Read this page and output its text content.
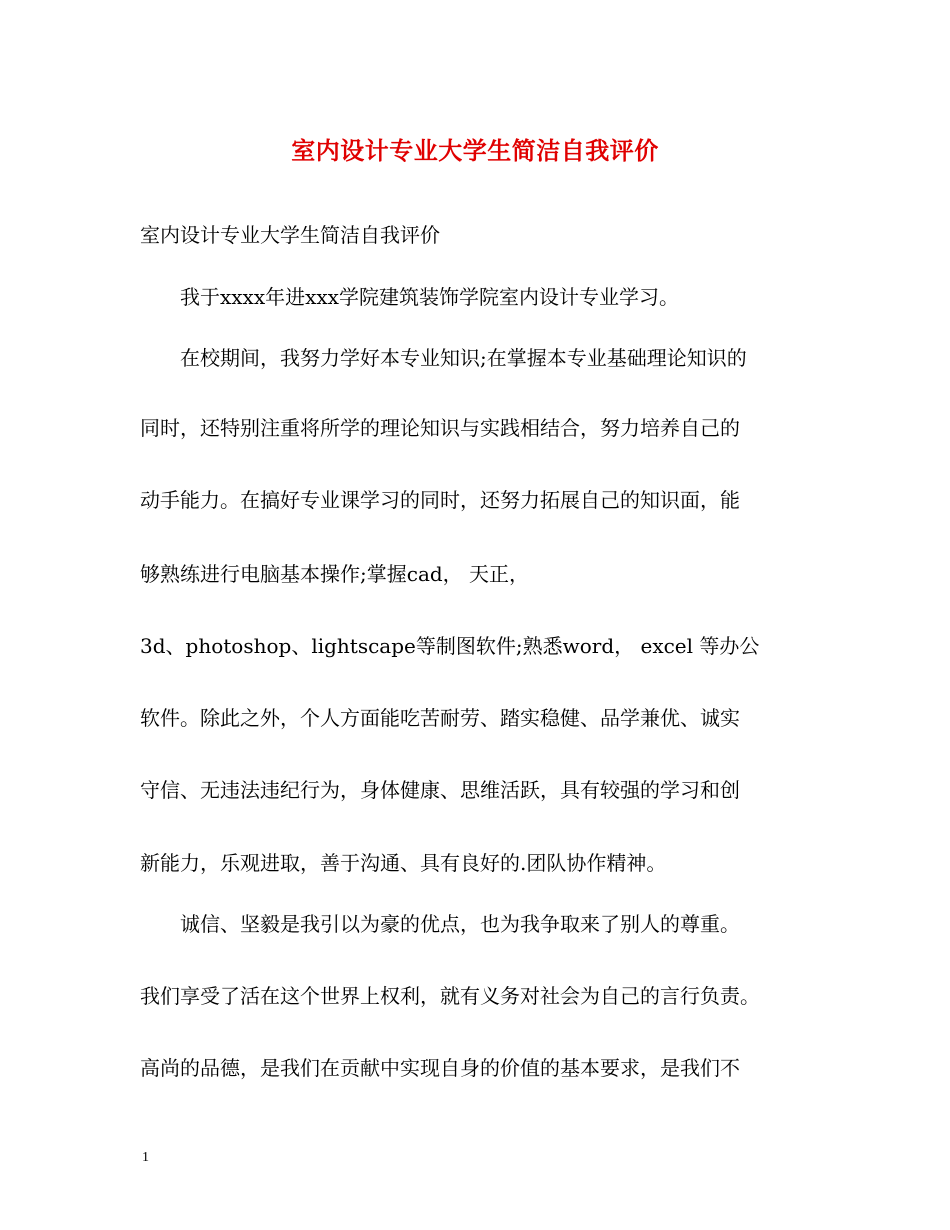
室内设计专业大学生简洁自我评价
室内设计专业大学生简洁自我评价
　　我于xxxx年进xxx学院建筑装饰学院室内设计专业学习。
　　在校期间，我努力学好本专业知识;在掌握本专业基础理论知识的
同时，还特别注重将所学的理论知识与实践相结合，努力培养自己的
动手能力。在搞好专业课学习的同时，还努力拓展自己的知识面，能
够熟练进行电脑基本操作;掌握cad， 天正，
3d、photoshop、lightscape等制图软件;熟悉word， excel 等办公
软件。除此之外，个人方面能吃苦耐劳、踏实稳健、品学兼优、诚实
守信、无违法违纪行为，身体健康、思维活跃，具有较强的学习和创
新能力，乐观进取，善于沟通、具有良好的.团队协作精神。
　　诚信、坚毅是我引以为豪的优点，也为我争取来了别人的尊重。
我们享受了活在这个世界上权利，就有义务对社会为自己的言行负责。
高尚的品德，是我们在贡献中实现自身的价值的基本要求，是我们不
1
